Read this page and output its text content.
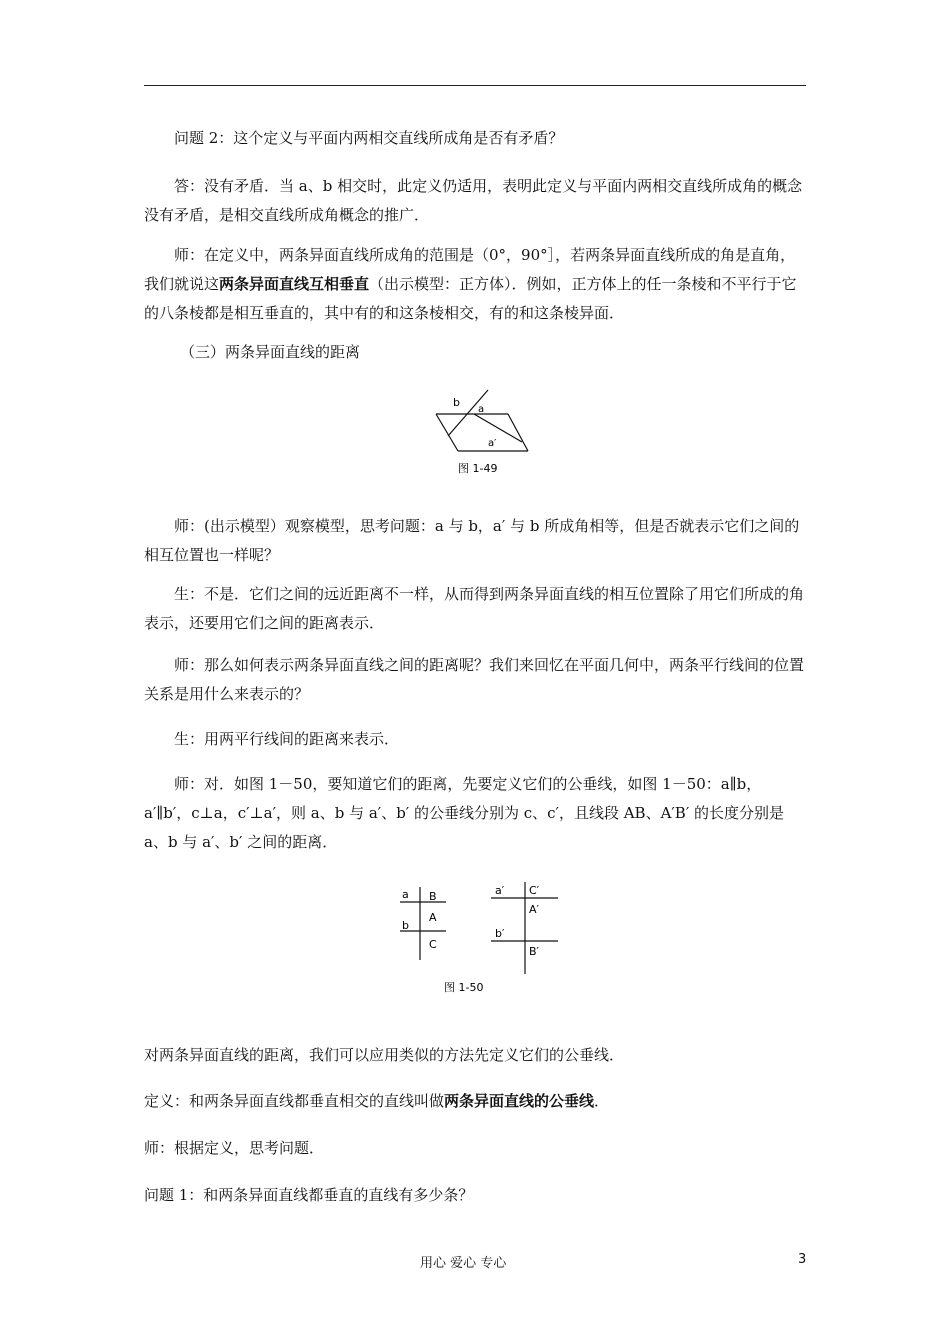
问题 2：这个定义与平面内两相交直线所成角是否有矛盾？

答：没有矛盾．当 a、b 相交时，此定义仍适用，表明此定义与平面内两相交直线所成角的概念没有矛盾，是相交直线所成角概念的推广．

师：在定义中，两条异面直线所成角的范围是（0°，90°］，若两条异面直线所成的角是直角，我们就说这两条异面直线互相垂直（出示模型：正方体）．例如，正方体上的任一条棱和不平行于它的八条棱都是相互垂直的，其中有的和这条棱相交，有的和这条棱异面．

（三）两条异面直线的距离

b
a
a′
图 1-49

师：(出示模型）观察模型，思考问题：a 与 b，a′ 与 b 所成角相等，但是否就表示它们之间的相互位置也一样呢？

生：不是．它们之间的远近距离不一样，从而得到两条异面直线的相互位置除了用它们所成的角表示，还要用它们之间的距离表示．

师：那么如何表示两条异面直线之间的距离呢？我们来回忆在平面几何中，两条平行线间的位置关系是用什么来表示的？

生：用两平行线间的距离来表示．

师：对．如图 1－50，要知道它们的距离，先要定义它们的公垂线，如图 1－50：a∥b，a′∥b′，c⊥a，c′⊥a′，则 a、b 与 a′、b′ 的公垂线分别为 c、c′，且线段 AB、A′B′ 的长度分别是 a、b 与 a′、b′ 之间的距离．

a B
A
b
C
a′ C′
A′
b′
B′
图 1-50

对两条异面直线的距离，我们可以应用类似的方法先定义它们的公垂线．

定义：和两条异面直线都垂直相交的直线叫做两条异面直线的公垂线．

师：根据定义，思考问题．

问题 1：和两条异面直线都垂直的直线有多少条？

用心 爱心 专心	3
